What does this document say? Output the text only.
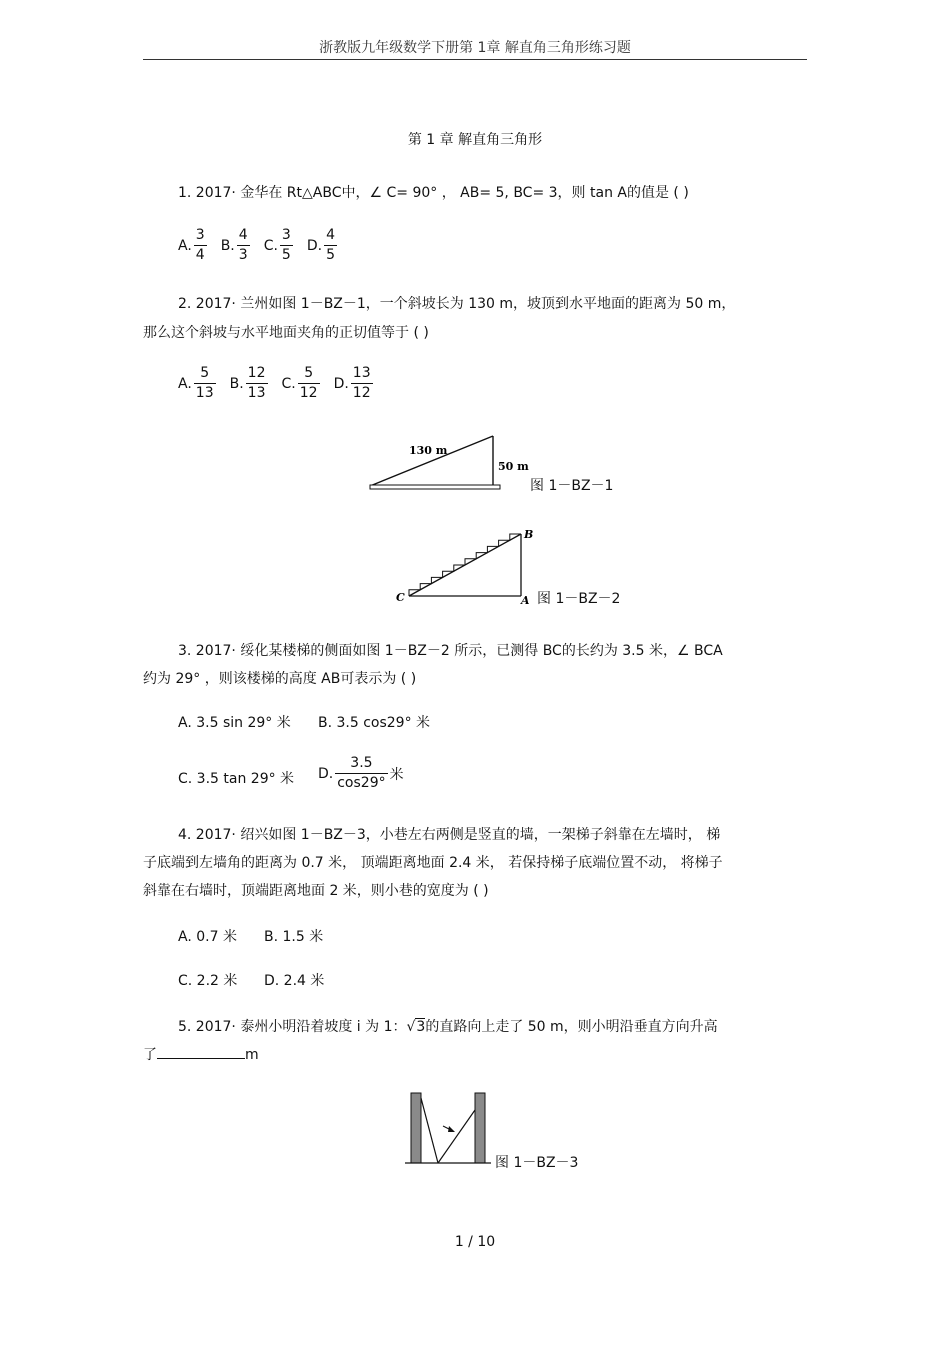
浙教版九年级数学下册第 1章 解直角三角形练习题
第 1 章 解直角三角形
1. 2017· 金华在 Rt△ABC中，∠ C= 90° ， AB= 5, BC= 3，则 tan A的值是 ( )
A. $\frac{3}{4} B$. $\frac{4}{3} C$. $\frac{3}{5} D$. $\frac{4}{5}$
2. 2017· 兰州如图 1－BZ－1，一个斜坡长为 130 m，坡顶到水平地面的距离为 50 m，
那么这个斜坡与水平地面夹角的正切值等于 ( )
A. $\frac{5}{13} B$. $\frac{12}{13} C$. $\frac{5}{12} D$. $\frac{13}{12}$
130 m
50 m
图 1－BZ－1
B
C	A 图 1－BZ－2
3. 2017· 绥化某楼梯的侧面如图 1－BZ－2 所示，已测得 BC的长约为 3.5 米，∠ BCA
约为 29° ，则该楼梯的高度 AB可表示为 ( )
A. 3.5 sin 29° 米 B. 3.5 cos29° 米
C. 3.5 tan 29° 米 D. $\frac{3.5}{\cos 29^\circ}$ 米
4. 2017· 绍兴如图 1－BZ－3，小巷左右两侧是竖直的墙，一架梯子斜靠在左墙时， 梯
子底端到左墙角的距离为 0.7 米， 顶端距离地面 2.4 米， 若保持梯子底端位置不动， 将梯子
斜靠在右墙时，顶端距离地面 2 米，则小巷的宽度为 ( )
A. 0.7 米 B. 1.5 米
C. 2.2 米 D. 2.4 米
5. 2017· 泰州小明沿着坡度 i 为 1：√3的直路向上走了 50 m，则小明沿垂直方向升高
了	m
图 1－BZ－3
1 / 10
